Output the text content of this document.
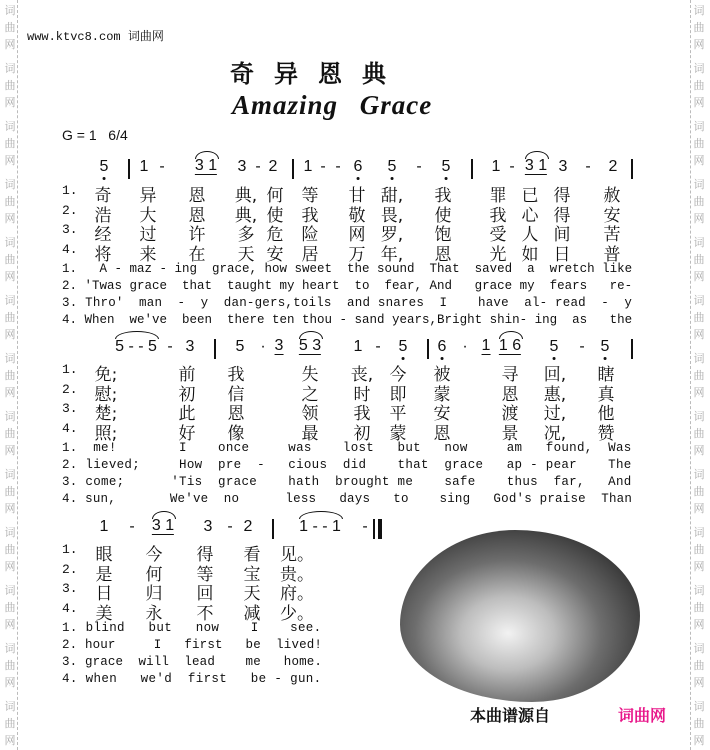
词
曲
网
词
曲
网
词
曲
网
词
曲
网
词
曲
网
词
曲
网
词
曲
网
词
曲
网
词
曲
网
词
曲
网
词
曲
网
词
曲
网
词
曲
网
词
曲
网
词
曲
网
词
曲
网
词
曲
网
词
曲
网
词
曲
网
词
曲
网
词
曲
网
词
曲
网
词
曲
网
词
曲
网
词
曲
网
词
曲
网
www.ktvc8.com 词曲网
奇异恩典
Amazing Grace
G = 1   6/4
5 1 - 3 1 3 - 2 1 - - 6 5 - 5	1 - 3 1 3 - 2
1. 奇 异 恩 典, 何 等 甘 甜, 我 罪 已 得 赦
2. 浩 大 恩 典, 使 我 敬 畏, 使 我 心 得 安
3. 经 过 许 多 危 险 网 罗, 饱 受 人 间 苦
4. 将 来 在 天 安 居 万 年, 恩 光 如 日 普
1.   A - maz - ing  grace, how sweet  the sound  That  saved  a  wretch like
2. 'Twas grace  that  taught my heart  to  fear, And   grace my  fears   re-
3. Thro'  man  -  y  dan-gers,toils  and snares  I    have  al- read  -  y
4. When  we've  been  there ten thou - sand years,Bright shin- ing  as   the
5 - - 5 - 3	5 · 3 5 3 1 - 5 6 · 1 1 6 5 - 5
1. 免;	前 我	失 丧, 今 被	寻 回, 瞎
2. 慰;	初 信	之 时 即 蒙	恩 惠, 真
3. 楚;	此 恩	领 我 平 安	渡 过, 他
4. 照;	好 像	最 初 蒙 恩	景 况, 赞
1.  me!        I    once     was    lost   but   now     am   found,  Was
2. lieved;     How  pre  -   cious  did    that  grace   ap - pear    The
3. come;      'Tis  grace    hath  brought me    safe    thus  far,   And
4. sun,       We've  no      less   days   to    sing   God's praise  Than
1 - 3 1 3 - 2	1 - - 1 -
1. 眼 今 得 看 见。
2. 是 何 等 宝 贵。
3. 日 归 回 天 府。
4. 美 永 不 减 少。
1. blind   but   now    I    see.
2. hour     I   first   be  lived!
3. grace  will  lead    me   home.
4. when   we'd  first   be - gun.
本曲谱源自	词曲网
